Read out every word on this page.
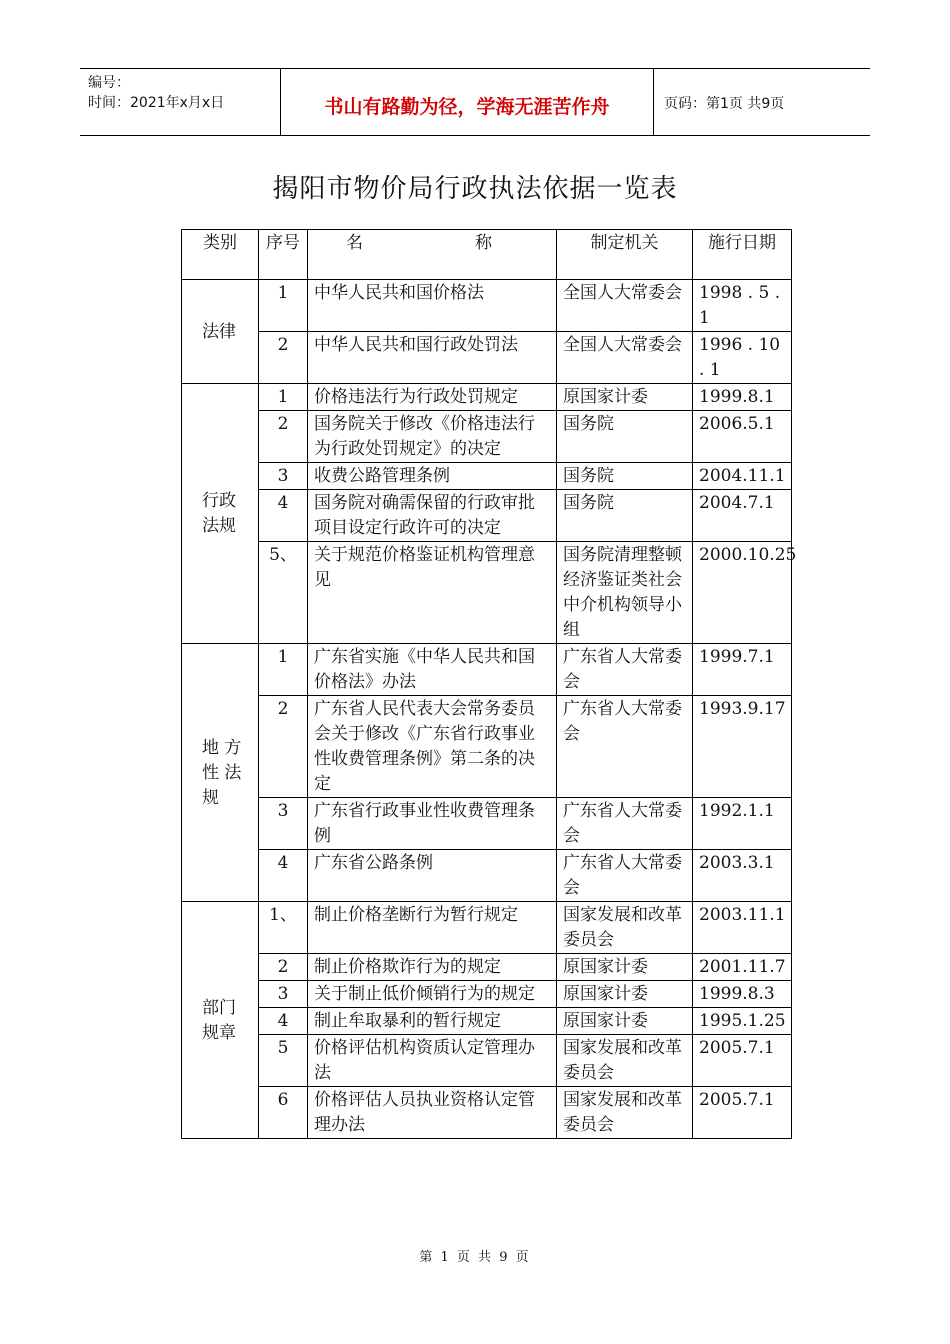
编号：
时间：2021年x月x日	书山有路勤为径，学海无涯苦作舟	页码：第1页 共9页
揭阳市物价局行政执法依据一览表
类别	序号	名　　称	制定机关	施行日期
法律	1	中华人民共和国价格法	全国人大常委会	1998 . 5 . 1
	2	中华人民共和国行政处罚法	全国人大常委会	1996 . 10 . 1
行政法规	1	价格违法行为行政处罚规定	原国家计委	1999.8.1
	2	国务院关于修改《价格违法行为行政处罚规定》的决定	国务院	2006.5.1
	3	收费公路管理条例	国务院	2004.11.1
	4	国务院对确需保留的行政审批项目设定行政许可的决定	国务院	2004.7.1
	5、	关于规范价格鉴证机构管理意见	国务院清理整顿经济鉴证类社会中介机构领导小组	2000.10.25
地 方 性 法 规	1	广东省实施《中华人民共和国价格法》办法	广东省人大常委会	1999.7.1
	2	广东省人民代表大会常务委员会关于修改《广东省行政事业性收费管理条例》第二条的决定	广东省人大常委会	1993.9.17
	3	广东省行政事业性收费管理条例	广东省人大常委会	1992.1.1
	4	广东省公路条例	广东省人大常委会	2003.3.1
部门规章	1、	制止价格垄断行为暂行规定	国家发展和改革委员会	2003.11.1
	2	制止价格欺诈行为的规定	原国家计委	2001.11.7
	3	关于制止低价倾销行为的规定	原国家计委	1999.8.3
	4	制止牟取暴利的暂行规定	原国家计委	1995.1.25
	5	价格评估机构资质认定管理办法	国家发展和改革委员会	2005.7.1
	6	价格评估人员执业资格认定管理办法	国家发展和改革委员会	2005.7.1
第 1 页 共 9 页
